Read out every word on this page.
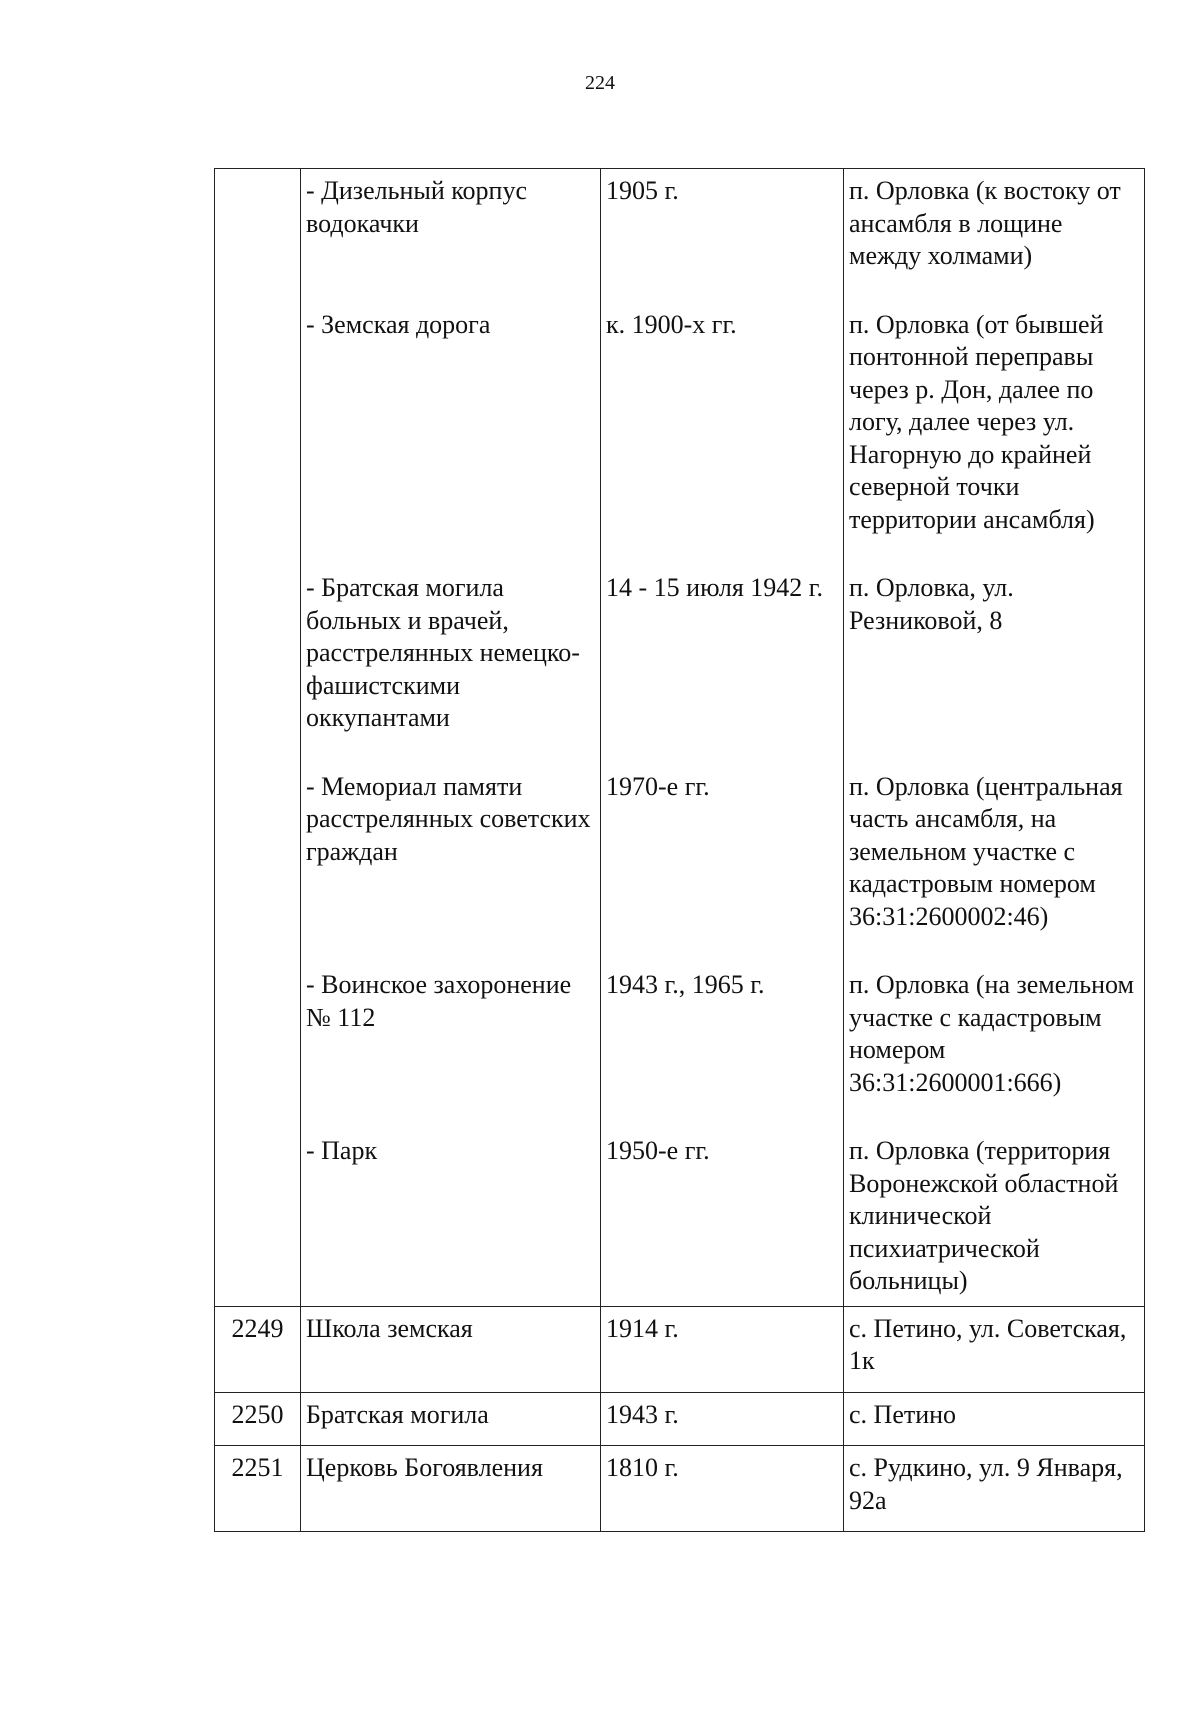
224
	- Дизельный корпус водокачки	1905 г.	п. Орловка (к востоку от ансамбля в лощине между холмами)
	- Земская дорога	к. 1900-х гг.	п. Орловка (от бывшей понтонной переправы через р. Дон, далее по логу, далее через ул. Нагорную до крайней северной точки территории ансамбля)
	- Братская могила больных и врачей, расстрелянных немецко-фашистскими оккупантами	14 - 15 июля 1942 г.	п. Орловка, ул. Резниковой, 8
	- Мемориал памяти расстрелянных советских граждан	1970-е гг.	п. Орловка (центральная часть ансамбля, на земельном участке с кадастровым номером 36:31:2600002:46)
	- Воинское захоронение № 112	1943 г., 1965 г.	п. Орловка (на земельном участке с кадастровым номером 36:31:2600001:666)
	- Парк	1950-е гг.	п. Орловка (территория Воронежской областной клинической психиатрической больницы)
2249	Школа земская	1914 г.	с. Петино, ул. Советская, 1к
2250	Братская могила	1943 г.	с. Петино
2251	Церковь Богоявления	1810 г.	с. Рудкино, ул. 9 Января, 92а
